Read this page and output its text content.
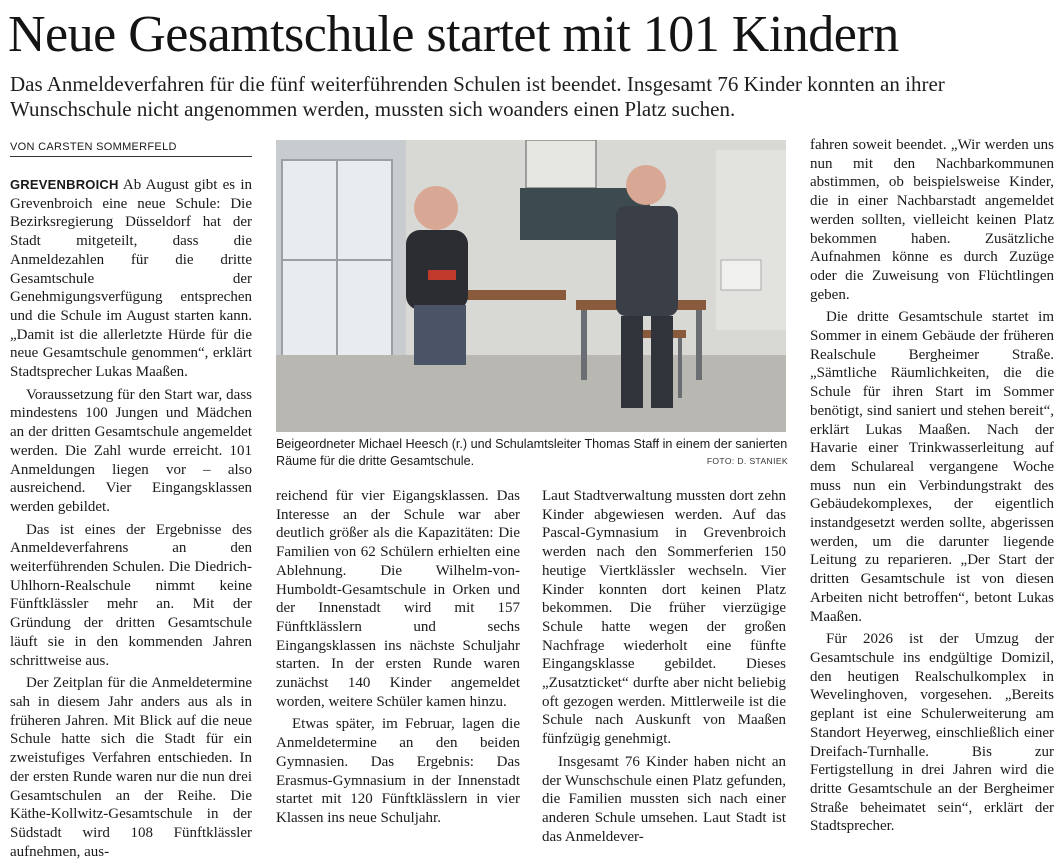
Neue Gesamtschule startet mit 101 Kindern
Das Anmeldeverfahren für die fünf weiterführenden Schulen ist beendet. Insgesamt 76 Kinder konnten an ihrer Wunschschule nicht angenommen werden, mussten sich woanders einen Platz suchen.
VON CARSTEN SOMMERFELD

GREVENBROICH Ab August gibt es in Grevenbroich eine neue Schule: Die Bezirksregierung Düsseldorf hat der Stadt mitgeteilt, dass die Anmeldezahlen für die dritte Gesamtschule der Genehmigungsverfügung entsprechen und die Schule im August starten kann. „Damit ist die allerletzte Hürde für die neue Gesamtschule genommen“, erklärt Stadtsprecher Lukas Maaßen.

Voraussetzung für den Start war, dass mindestens 100 Jungen und Mädchen an der dritten Gesamtschule angemeldet werden. Die Zahl wurde erreicht. 101 Anmeldungen liegen vor – also ausreichend. Vier Eingangsklassen werden gebildet.

Das ist eines der Ergebnisse des Anmeldeverfahrens an den weiterführenden Schulen. Die Diedrich-Uhlhorn-Realschule nimmt keine Fünftklässler mehr an. Mit der Gründung der dritten Gesamtschule läuft sie in den kommenden Jahren schrittweise aus.

Der Zeitplan für die Anmeldetermine sah in diesem Jahr anders aus als in früheren Jahren. Mit Blick auf die neue Schule hatte sich die Stadt für ein zweistufiges Verfahren entschieden. In der ersten Runde waren nur die nun drei Gesamtschulen an der Reihe. Die Käthe-Kollwitz-Gesamtschule in der Südstadt wird 108 Fünftklässler aufnehmen, aus-

Beigeordneter Michael Heesch (r.) und Schulamtsleiter Thomas Staff in einem der sanierten Räume für die dritte Gesamtschule.	FOTO: D. STANIEK

reichend für vier Eigangsklassen. Das Interesse an der Schule war aber deutlich größer als die Kapazitäten: Die Familien von 62 Schülern erhielten eine Ablehnung. Die Wilhelm-von-Humboldt-Gesamtschule in Orken und der Innenstadt wird mit 157 Fünftklässlern und sechs Eingangsklassen ins nächste Schuljahr starten. In der ersten Runde waren zunächst 140 Kinder angemeldet worden, weitere Schüler kamen hinzu.

Etwas später, im Februar, lagen die Anmeldetermine an den beiden Gymnasien. Das Ergebnis: Das Erasmus-Gymnasium in der Innenstadt startet mit 120 Fünftklässlern in vier Klassen ins neue Schuljahr.

Laut Stadtverwaltung mussten dort zehn Kinder abgewiesen werden. Auf das Pascal-Gymnasium in Grevenbroich werden nach den Sommerferien 150 heutige Viertklässler wechseln. Vier Kinder konnten dort keinen Platz bekommen. Die früher vierzügige Schule hatte wegen der großen Nachfrage wiederholt eine fünfte Eingangsklasse gebildet. Dieses „Zusatzticket“ durfte aber nicht beliebig oft gezogen werden. Mittlerweile ist die Schule nach Auskunft von Maaßen fünfzügig genehmigt.

Insgesamt 76 Kinder haben nicht an der Wunschschule einen Platz gefunden, die Familien mussten sich nach einer anderen Schule umsehen. Laut Stadt ist das Anmeldever-

fahren soweit beendet. „Wir werden uns nun mit den Nachbarkommunen abstimmen, ob beispielsweise Kinder, die in einer Nachbarstadt angemeldet werden sollten, vielleicht keinen Platz bekommen haben. Zusätzliche Aufnahmen könne es durch Zuzüge oder die Zuweisung von Flüchtlingen geben.

Die dritte Gesamtschule startet im Sommer in einem Gebäude der früheren Realschule Bergheimer Straße. „Sämtliche Räumlichkeiten, die die Schule für ihren Start im Sommer benötigt, sind saniert und stehen bereit“, erklärt Lukas Maaßen. Nach der Havarie einer Trinkwasserleitung auf dem Schulareal vergangene Woche muss nun ein Verbindungstrakt des Gebäudekomplexes, der eigentlich instandgesetzt werden sollte, abgerissen werden, um die darunter liegende Leitung zu reparieren. „Der Start der dritten Gesamtschule ist von diesen Arbeiten nicht betroffen“, betont Lukas Maaßen.

Für 2026 ist der Umzug der Gesamtschule ins endgültige Domizil, den heutigen Realschulkomplex in Wevelinghoven, vorgesehen. „Bereits geplant ist eine Schulerweiterung am Standort Heyerweg, einschließlich einer Dreifach-Turnhalle. Bis zur Fertigstellung in drei Jahren wird die dritte Gesamtschule an der Bergheimer Straße beheimatet sein“, erklärt der Stadtsprecher.
